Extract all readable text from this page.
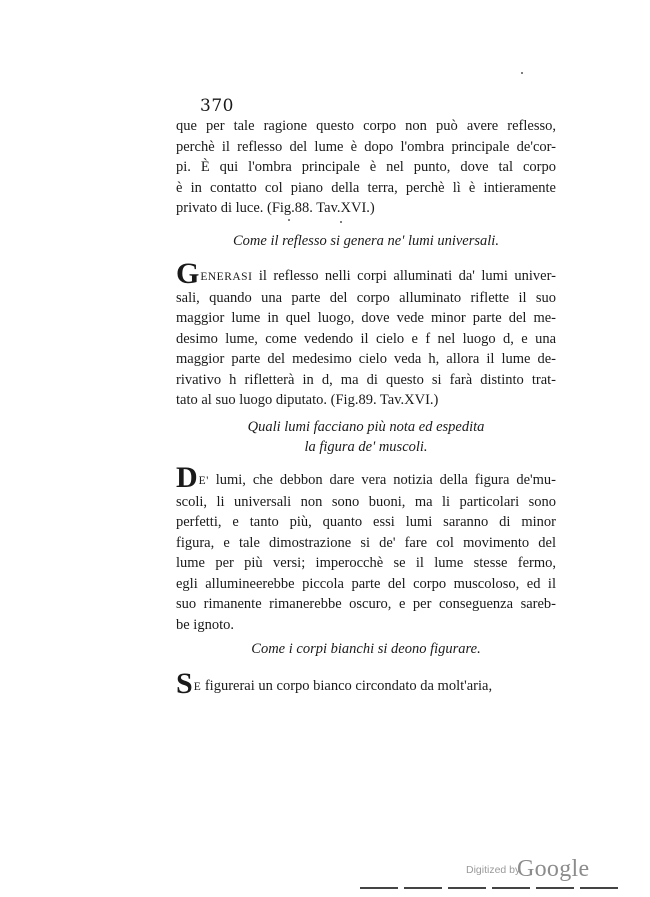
370
que per tale ragione questo corpo non può avere reflesso,
perchè il reflesso del lume è dopo l'ombra principale de'cor-
pi. È qui l'ombra principale è nel punto, dove tal corpo
è in contatto col piano della terra, perchè lì è intieramente
privato di luce. (Fig.88. Tav.XVI.)
Come il reflesso si genera ne' lumi universali.
GENERASI il reflesso nelli corpi alluminati da' lumi univer-
sali, quando una parte del corpo alluminato riflette il suo
maggior lume in quel luogo, dove vede minor parte del me-
desimo lume, come vedendo il cielo e f nel luogo d, e una
maggior parte del medesimo cielo veda h, allora il lume de-
rivativo h rifletterà in d, ma di questo si farà distinto trat-
tato al suo luogo diputato. (Fig.89. Tav.XVI.)
Quali lumi facciano più nota ed espedita
la figura de' muscoli.
DE' lumi, che debbon dare vera notizia della figura de'mu-
scoli, li universali non sono buoni, ma li particolari sono
perfetti, e tanto più, quanto essi lumi saranno di minor
figura, e tale dimostrazione si de' fare col movimento del
lume per più versi; imperocchè se il lume stesse fermo,
egli allumineerebbe piccola parte del corpo muscoloso, ed il
suo rimanente rimanerebbe oscuro, e per conseguenza sareb-
be ignoto.
Come i corpi bianchi si deono figurare.
SE figurerai un corpo bianco circondato da molt'aria,
Digitized by
Google
